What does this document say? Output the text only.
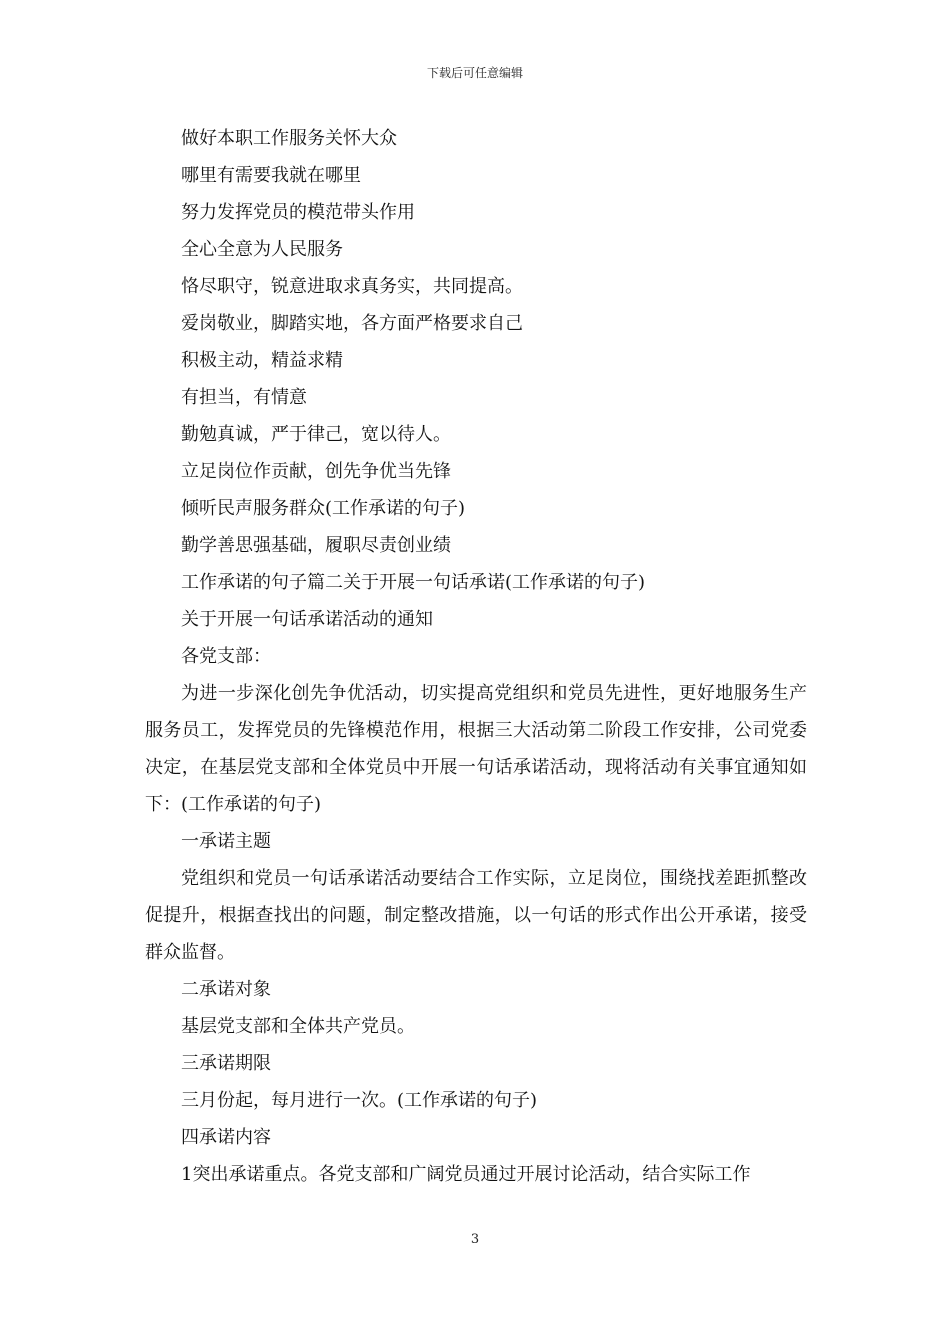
下载后可任意编辑
做好本职工作服务关怀大众
哪里有需要我就在哪里
努力发挥党员的模范带头作用
全心全意为人民服务
恪尽职守，锐意进取求真务实，共同提高。
爱岗敬业，脚踏实地，各方面严格要求自己
积极主动，精益求精
有担当，有情意
勤勉真诚，严于律己，宽以待人。
立足岗位作贡献，创先争优当先锋
倾听民声服务群众(工作承诺的句子)
勤学善思强基础，履职尽责创业绩
工作承诺的句子篇二关于开展一句话承诺(工作承诺的句子)
关于开展一句话承诺活动的通知
各党支部：

为进一步深化创先争优活动，切实提高党组织和党员先进性，更好地服务生产服务员工，发挥党员的先锋模范作用，根据三大活动第二阶段工作安排，公司党委决定，在基层党支部和全体党员中开展一句话承诺活动，现将活动有关事宜通知如下：(工作承诺的句子)

一承诺主题

党组织和党员一句话承诺活动要结合工作实际，立足岗位，围绕找差距抓整改促提升，根据查找出的问题，制定整改措施，以一句话的形式作出公开承诺，接受群众监督。

二承诺对象
基层党支部和全体共产党员。
三承诺期限
三月份起，每月进行一次。(工作承诺的句子)
四承诺内容

1突出承诺重点。各党支部和广阔党员通过开展讨论活动，结合实际工作

3
